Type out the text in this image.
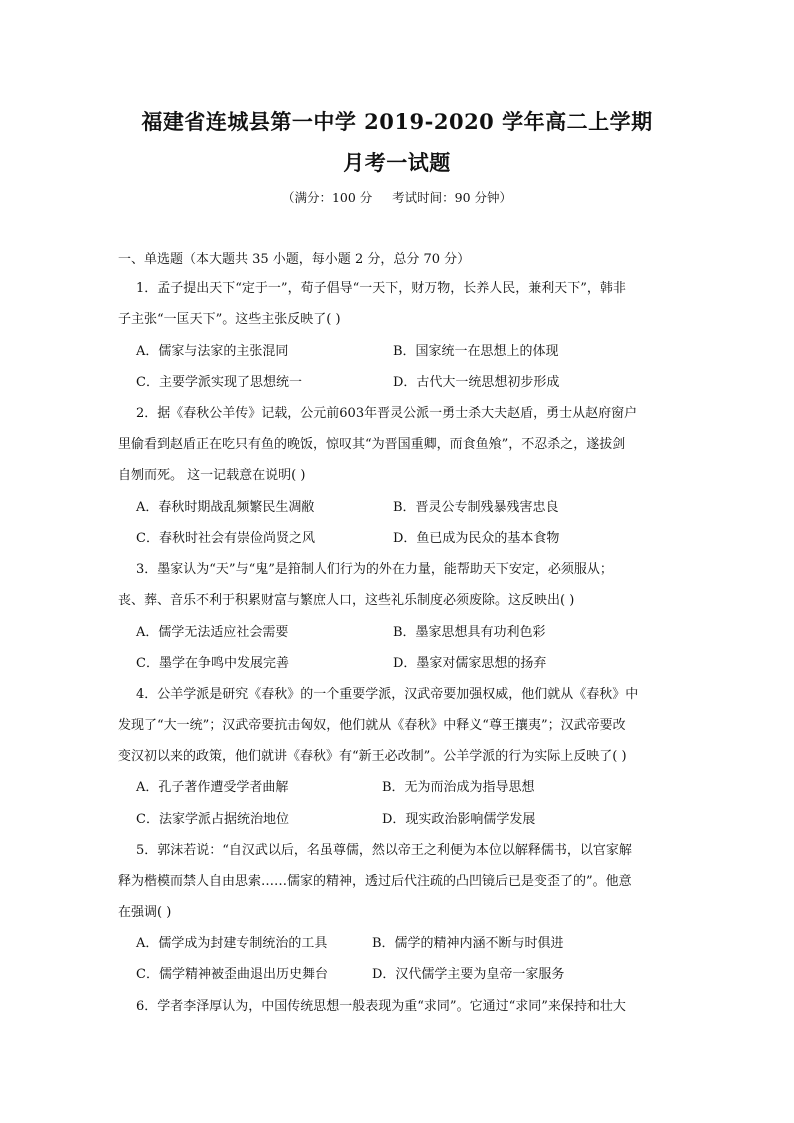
福建省连城县第一中学 2019-2020 学年高二上学期
月考一试题
（满分：100 分     考试时间：90 分钟）
一、单选题（本大题共 35 小题，每小题 2 分，总分 70 分）
1．孟子提出天下“定于一”，荀子倡导“一天下，财万物，长养人民，兼利天下”，韩非
子主张“一匡天下”。这些主张反映了( )
A．儒家与法家的主张混同	B．国家统一在思想上的体现
C．主要学派实现了思想统一	D．古代大一统思想初步形成
2．据《春秋公羊传》记载，公元前603年晋灵公派一勇士杀大夫赵盾，勇士从赵府窗户
里偷看到赵盾正在吃只有鱼的晚饭，惊叹其“为晋国重卿，而食鱼飧”，不忍杀之，遂拔剑
自刎而死。 这一记载意在说明( )
A．春秋时期战乱频繁民生凋敝	B．晋灵公专制残暴残害忠良
C．春秋时社会有崇俭尚贤之风	D．鱼已成为民众的基本食物
3．墨家认为“天”与“鬼”是箝制人们行为的外在力量，能帮助天下安定，必须服从；
丧、葬、音乐不利于积累财富与繁庶人口，这些礼乐制度必须废除。这反映出( )
A．儒学无法适应社会需要	B．墨家思想具有功利色彩
C．墨学在争鸣中发展完善	D．墨家对儒家思想的扬弃
4．公羊学派是研究《春秋》的一个重要学派，汉武帝要加强权威，他们就从《春秋》中
发现了“大一统”；汉武帝要抗击匈奴，他们就从《春秋》中释义“尊王攘夷”；汉武帝要改
变汉初以来的政策，他们就讲《春秋》有“新王必改制”。公羊学派的行为实际上反映了( )
A．孔子著作遭受学者曲解	B．无为而治成为指导思想
C．法家学派占据统治地位	D．现实政治影响儒学发展
5．郭沫若说：“自汉武以后，名虽尊儒，然以帝王之利便为本位以解释儒书，以官家解
释为楷模而禁人自由思索……儒家的精神，透过后代注疏的凸凹镜后已是变歪了的”。他意
在强调( )
A．儒学成为封建专制统治的工具	B．儒学的精神内涵不断与时俱进
C．儒学精神被歪曲退出历史舞台	D．汉代儒学主要为皇帝一家服务
6．学者李泽厚认为，中国传统思想一般表现为重“求同”。它通过“求同”来保持和壮大
